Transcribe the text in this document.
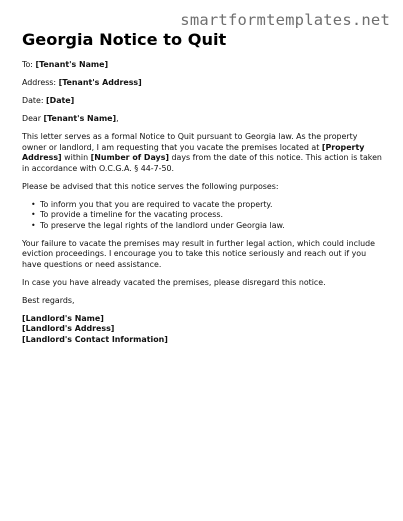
smartformtemplates.net
Georgia Notice to Quit

To: [Tenant's Name]

Address: [Tenant's Address]

Date: [Date]

Dear [Tenant's Name],

This letter serves as a formal Notice to Quit pursuant to Georgia law. As the property owner or landlord, I am requesting that you vacate the premises located at [Property Address] within [Number of Days] days from the date of this notice. This action is taken in accordance with O.C.G.A. § 44-7-50.

Please be advised that this notice serves the following purposes:

• To inform you that you are required to vacate the property.
• To provide a timeline for the vacating process.
• To preserve the legal rights of the landlord under Georgia law.

Your failure to vacate the premises may result in further legal action, which could include eviction proceedings. I encourage you to take this notice seriously and reach out if you have questions or need assistance.

In case you have already vacated the premises, please disregard this notice.

Best regards,

[Landlord's Name]
[Landlord's Address]
[Landlord's Contact Information]
